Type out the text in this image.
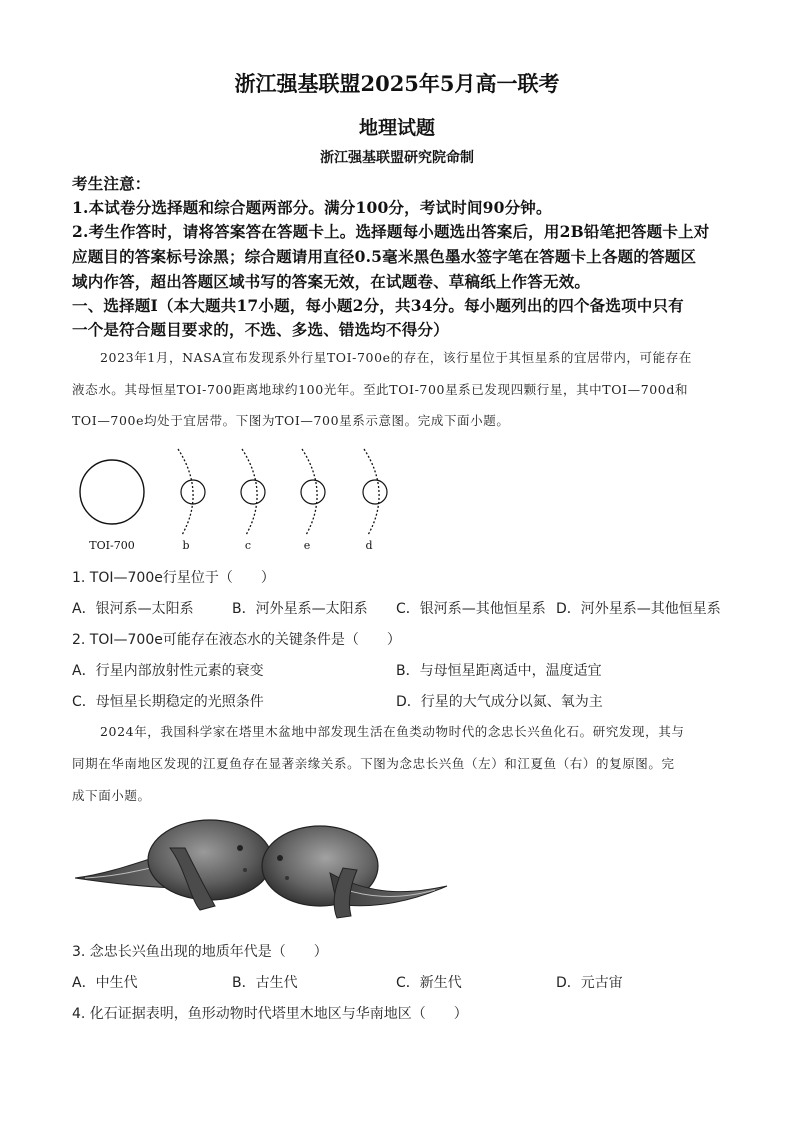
浙江强基联盟2025年5月高一联考
地理试题
浙江强基联盟研究院命制
考生注意：
1.本试卷分选择题和综合题两部分。满分100分，考试时间90分钟。
2.考生作答时，请将答案答在答题卡上。选择题每小题选出答案后，用2B铅笔把答题卡上对
应题目的答案标号涂黑；综合题请用直径0.5毫米黑色墨水签字笔在答题卡上各题的答题区
域内作答，超出答题区域书写的答案无效，在试题卷、草稿纸上作答无效。
一、选择题Ⅰ（本大题共17小题，每小题2分，共34分。每小题列出的四个备选项中只有
一个是符合题目要求的，不选、多选、错选均不得分）
2023年1月，NASA宣布发现系外行星TOI-700e的存在，该行星位于其恒星系的宜居带内，可能存在
液态水。其母恒星TOI-700距离地球约100光年。至此TOI-700星系已发现四颗行星，其中TOI—700d和
TOI—700e均处于宜居带。下图为TOI—700星系示意图。完成下面小题。
TOI-700	b	c	e	d
1. TOI—700e行星位于（　　）
A．银河系—太阳系	B．河外星系—太阳系 C．银河系—其他恒星系 D．河外星系—其他恒星系
2. TOI—700e可能存在液态水的关键条件是（　　）
A．行星内部放射性元素的衰变	B．与母恒星距离适中，温度适宜
C．母恒星长期稳定的光照条件	D．行星的大气成分以氮、氧为主
2024年，我国科学家在塔里木盆地中部发现生活在鱼类动物时代的念忠长兴鱼化石。研究发现，其与
同期在华南地区发现的江夏鱼存在显著亲缘关系。下图为念忠长兴鱼（左）和江夏鱼（右）的复原图。完
成下面小题。
3. 念忠长兴鱼出现的地质年代是（　　）
A．中生代	B．古生代	C．新生代	D．元古宙
4. 化石证据表明，鱼形动物时代塔里木地区与华南地区（　　）
